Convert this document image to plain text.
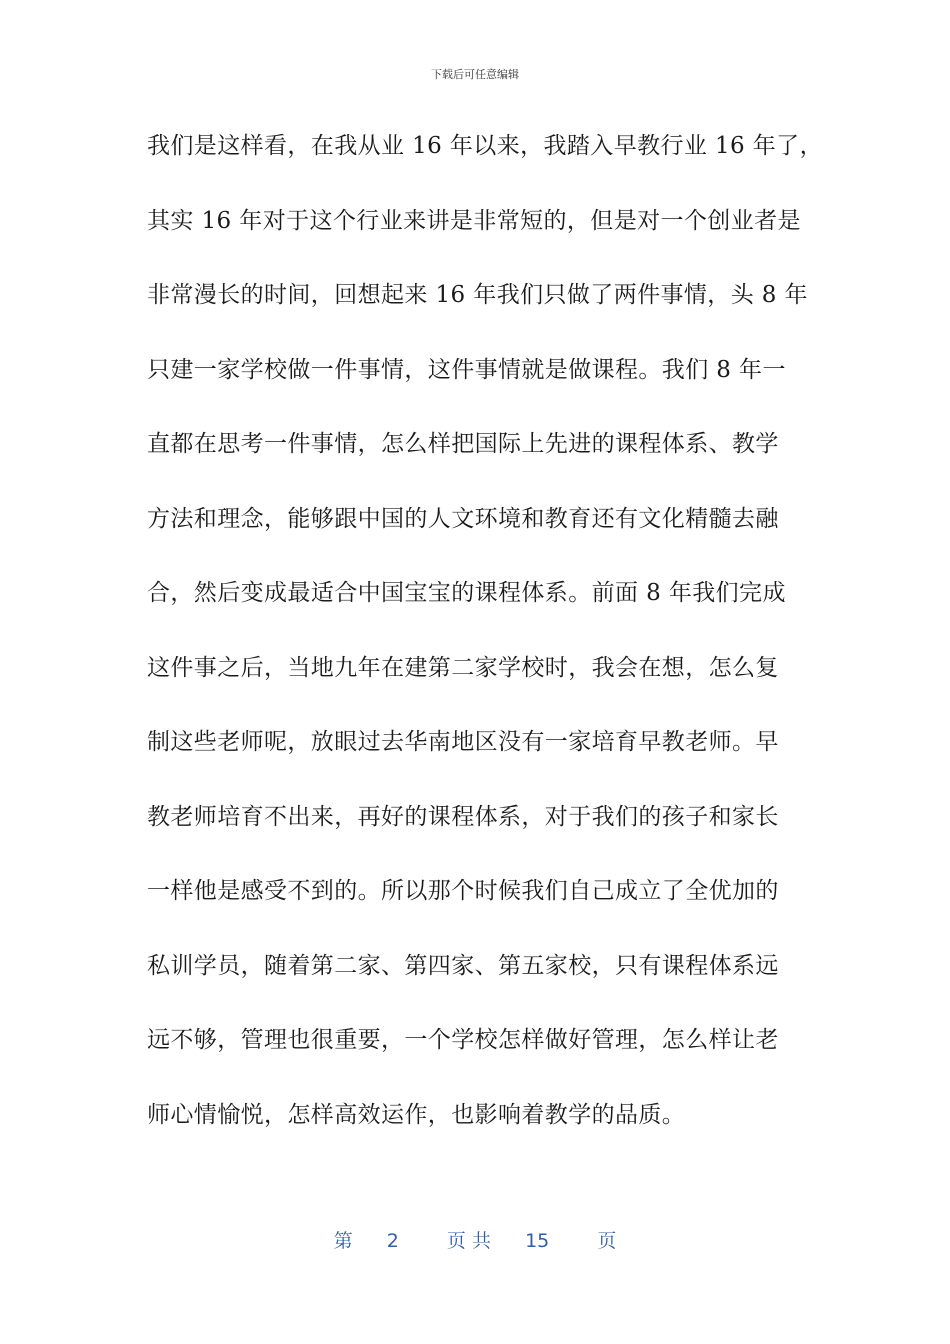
下载后可任意编辑
我们是这样看，在我从业 16 年以来，我踏入早教行业 16 年了，
其实 16 年对于这个行业来讲是非常短的，但是对一个创业者是
非常漫长的时间，回想起来 16 年我们只做了两件事情，头 8 年
只建一家学校做一件事情，这件事情就是做课程。我们 8 年一
直都在思考一件事情，怎么样把国际上先进的课程体系、教学
方法和理念，能够跟中国的人文环境和教育还有文化精髓去融
合，然后变成最适合中国宝宝的课程体系。前面 8 年我们完成
这件事之后，当地九年在建第二家学校时，我会在想，怎么复
制这些老师呢，放眼过去华南地区没有一家培育早教老师。早
教老师培育不出来，再好的课程体系，对于我们的孩子和家长
一样他是感受不到的。所以那个时候我们自己成立了全优加的
私训学员，随着第二家、第四家、第五家校，只有课程体系远
远不够，管理也很重要，一个学校怎样做好管理，怎么样让老
师心情愉悦，怎样高效运作，也影响着教学的品质。
第 2	页 共 15	页
